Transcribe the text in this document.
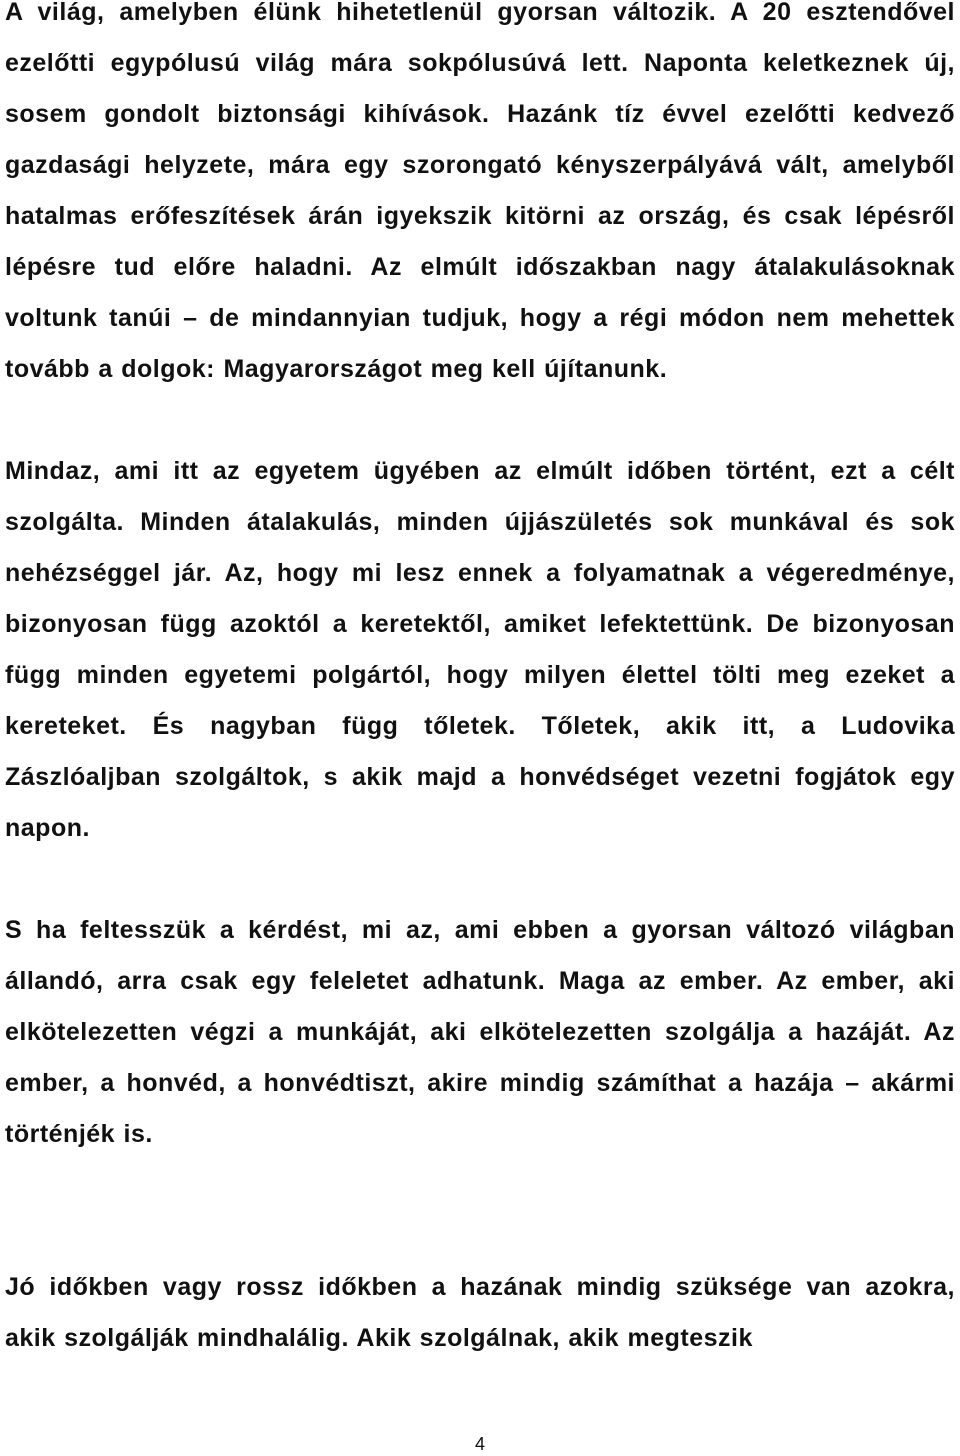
A világ, amelyben élünk hihetetlenül gyorsan változik. A 20 esztendővel ezelőtti egypólusú világ mára sokpólusúvá lett. Naponta keletkeznek új, sosem gondolt biztonsági kihívások. Hazánk tíz évvel ezelőtti kedvező gazdasági helyzete, mára egy szorongató kényszerpályává vált, amelyből hatalmas erőfeszítések árán igyekszik kitörni az ország, és csak lépésről lépésre tud előre haladni. Az elmúlt időszakban nagy átalakulásoknak voltunk tanúi – de mindannyian tudjuk, hogy a régi módon nem mehettek tovább a dolgok: Magyarországot meg kell újítanunk.

Mindaz, ami itt az egyetem ügyében az elmúlt időben történt, ezt a célt szolgálta. Minden átalakulás, minden újjászületés sok munkával és sok nehézséggel jár. Az, hogy mi lesz ennek a folyamatnak a végeredménye, bizonyosan függ azoktól a keretektől, amiket lefektettünk. De bizonyosan függ minden egyetemi polgártól, hogy milyen élettel tölti meg ezeket a kereteket. És nagyban függ tőletek. Tőletek, akik itt, a Ludovika Zászlóaljban szolgáltok, s akik majd a honvédséget vezetni fogjátok egy napon.

S ha feltesszük a kérdést, mi az, ami ebben a gyorsan változó világban állandó, arra csak egy feleletet adhatunk. Maga az ember. Az ember, aki elkötelezetten végzi a munkáját, aki elkötelezetten szolgálja a hazáját. Az ember, a honvéd, a honvédtiszt, akire mindig számíthat a hazája – akármi történjék is.

Jó időkben vagy rossz időkben a hazának mindig szüksége van azokra, akik szolgálják mindhalálig. Akik szolgálnak, akik megteszik

4
